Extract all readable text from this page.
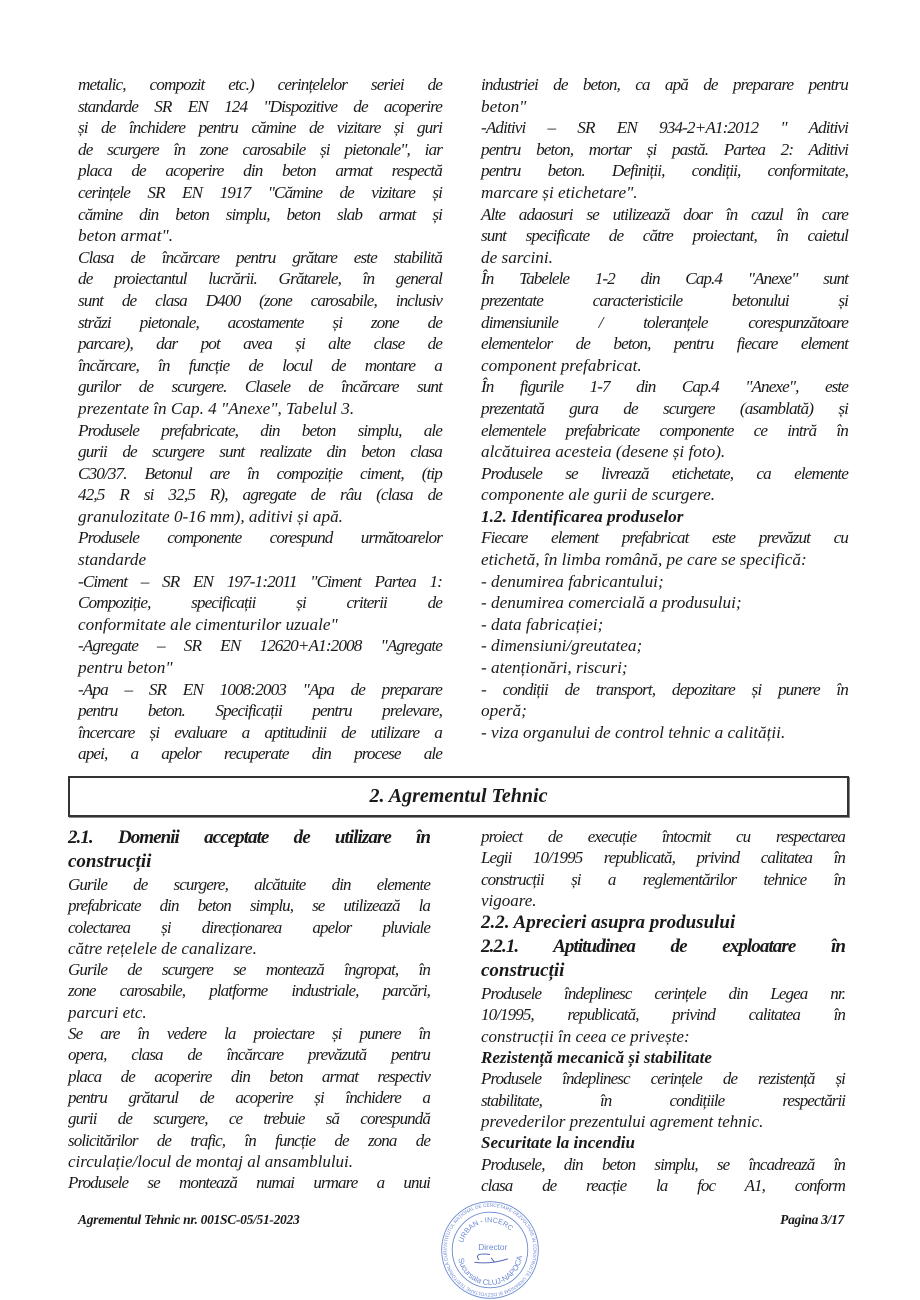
metalic, compozit etc.) cerințelelor seriei de
standarde SR EN 124 "Dispozitive de acoperire
și de închidere pentru cămine de vizitare și guri
de scurgere în zone carosabile și pietonale", iar
placa de acoperire din beton armat respectă
cerințele SR EN 1917 "Cămine de vizitare și
cămine din beton simplu, beton slab armat și
beton armat".
Clasa de încărcare pentru grătare este stabilită
de proiectantul lucrării. Grătarele, în general
sunt de clasa D400 (zone carosabile, inclusiv
străzi pietonale, acostamente și zone de
parcare), dar pot avea și alte clase de
încărcare, în funcție de locul de montare a
gurilor de scurgere. Clasele de încărcare sunt
prezentate în Cap. 4 "Anexe", Tabelul 3.
Produsele prefabricate, din beton simplu, ale
gurii de scurgere sunt realizate din beton clasa
C30/37. Betonul are în compoziție ciment, (tip
42,5 R si 32,5 R), agregate de râu (clasa de
granulozitate 0-16 mm), aditivi și apă.
Produsele componente corespund următoarelor
standarde
-Ciment – SR EN 197-1:2011 "Ciment Partea 1:
Compoziție, specificații și criterii de
conformitate ale cimenturilor uzuale"
-Agregate – SR EN 12620+A1:2008 "Agregate
pentru beton"
-Apa – SR EN 1008:2003 "Apa de preparare
pentru beton. Specificații pentru prelevare,
încercare și evaluare a aptitudinii de utilizare a
apei, a apelor recuperate din procese ale
industriei de beton, ca apă de preparare pentru
beton"
-Aditivi – SR EN 934-2+A1:2012 " Aditivi
pentru beton, mortar și pastă. Partea 2: Aditivi
pentru beton. Definiții, condiții, conformitate,
marcare și etichetare".
Alte adaosuri se utilizează doar în cazul în care
sunt specificate de către proiectant, în caietul
de sarcini.
În Tabelele 1-2 din Cap.4 "Anexe" sunt
prezentate caracteristicile betonului și
dimensiunile / toleranțele corespunzătoare
elementelor de beton, pentru fiecare element
component prefabricat.
În figurile 1-7 din Cap.4 "Anexe", este
prezentată gura de scurgere (asamblată) și
elementele prefabricate componente ce intră în
alcătuirea acesteia (desene și foto).
Produsele se livrează etichetate, ca elemente
componente ale gurii de scurgere.
1.2. Identificarea produselor
Fiecare element prefabricat este prevăzut cu
etichetă, în limba română, pe care se specifică:
- denumirea fabricantului;
- denumirea comercială a produsului;
- data fabricației;
- dimensiuni/greutatea;
- atenționări, riscuri;
- condiții de transport, depozitare și punere în
operă;
- viza organului de control tehnic a calității.
2. Agrementul Tehnic
2.1. Domenii acceptate de utilizare în
construcții
Gurile de scurgere, alcătuite din elemente
prefabricate din beton simplu, se utilizează la
colectarea și direcționarea apelor pluviale
către rețelele de canalizare.
Gurile de scurgere se montează îngropat, în
zone carosabile, platforme industriale, parcări,
parcuri etc.
Se are în vedere la proiectare și punere în
opera, clasa de încărcare prevăzută pentru
placa de acoperire din beton armat respectiv
pentru grătarul de acoperire și închidere a
gurii de scurgere, ce trebuie să corespundă
solicitărilor de trafic, în funcție de zona de
circulație/locul de montaj al ansamblului.
Produsele se montează numai urmare a unui
proiect de execuție întocmit cu respectarea
Legii 10/1995 republicată, privind calitatea în
construcții și a reglementărilor tehnice în
vigoare.
2.2. Aprecieri asupra produsului
2.2.1. Aptitudinea de exploatare în
construcții
Produsele îndeplinesc cerințele din Legea nr.
10/1995, republicată, privind calitatea în
construcții în ceea ce privește:
Rezistență mecanică și stabilitate
Produsele îndeplinesc cerințele de rezistență și
stabilitate, în condițiile respectării
prevederilor prezentului agrement tehnic.
Securitate la incendiu
Produsele, din beton simplu, se încadrează în
clasa de reacție la foc A1, conform
Agrementul Tehnic nr. 001SC-05/51-2023	Pagina 3/17
INSTITUTUL NAȚIONAL DE CERCETARE-DEZVOLTARE ÎN CONSTRUCȚII, URBANISM ȘI DEZVOLTARE TERITORIALĂ DUR
URBAN - INCERC
Sucursala CLUJ-NAPOCA
Director
